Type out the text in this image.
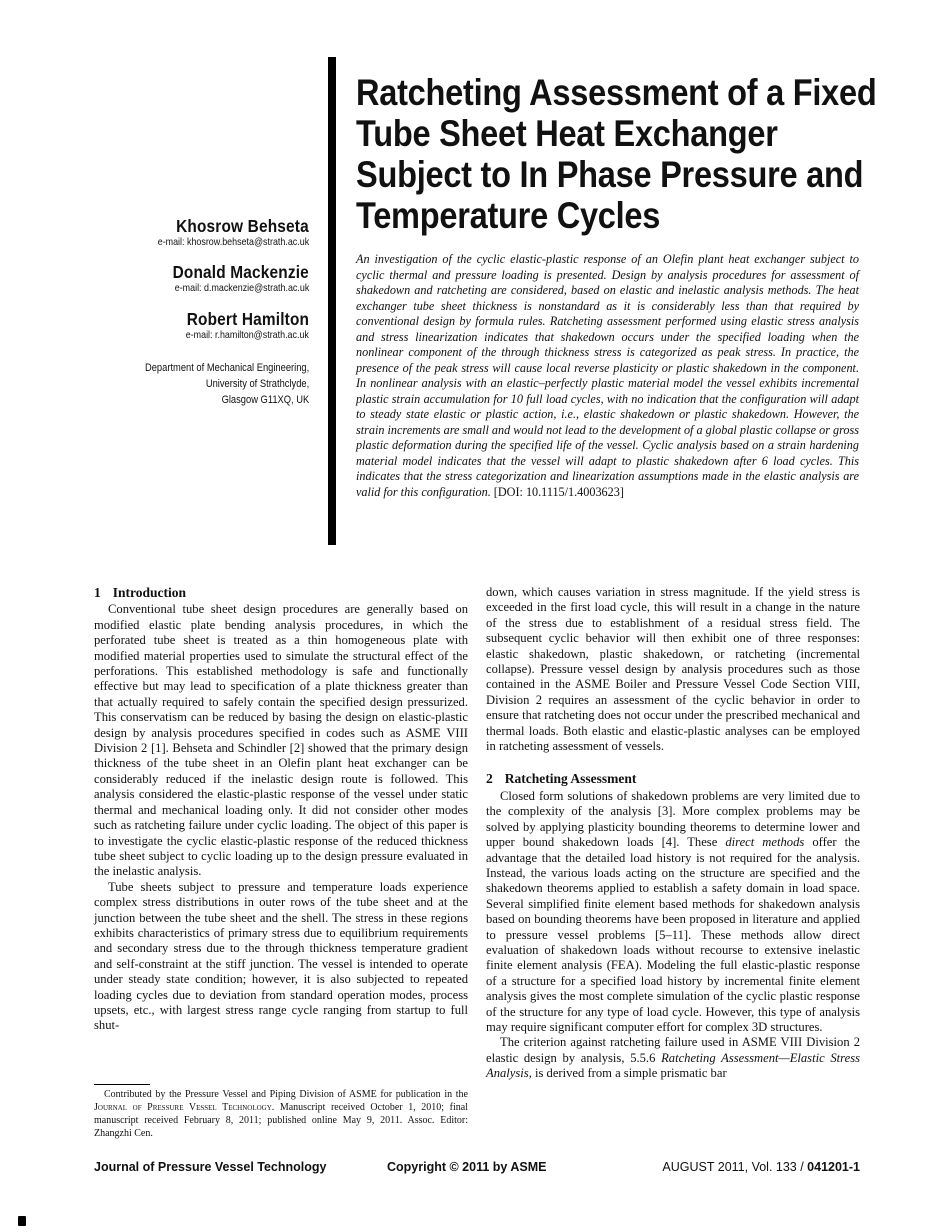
Khosrow Behseta
e-mail: khosrow.behseta@strath.ac.uk
Donald Mackenzie
e-mail: d.mackenzie@strath.ac.uk
Robert Hamilton
e-mail: r.hamilton@strath.ac.uk
Department of Mechanical Engineering,
University of Strathclyde,
Glasgow G11XQ, UK
Ratcheting Assessment of a Fixed
Tube Sheet Heat Exchanger
Subject to In Phase Pressure and
Temperature Cycles
An investigation of the cyclic elastic-plastic response of an Olefin plant heat exchanger subject to cyclic thermal and pressure loading is presented. Design by analysis procedures for assessment of shakedown and ratcheting are considered, based on elastic and inelastic analysis methods. The heat exchanger tube sheet thickness is nonstandard as it is considerably less than that required by conventional design by formula rules. Ratcheting assessment performed using elastic stress analysis and stress linearization indicates that shakedown occurs under the specified loading when the nonlinear component of the through thickness stress is categorized as peak stress. In practice, the presence of the peak stress will cause local reverse plasticity or plastic shakedown in the component. In nonlinear analysis with an elastic–perfectly plastic material model the vessel exhibits incremental plastic strain accumulation for 10 full load cycles, with no indication that the configuration will adapt to steady state elastic or plastic action, i.e., elastic shakedown or plastic shakedown. However, the strain increments are small and would not lead to the development of a global plastic collapse or gross plastic deformation during the specified life of the vessel. Cyclic analysis based on a strain hardening material model indicates that the vessel will adapt to plastic shakedown after 6 load cycles. This indicates that the stress categorization and linearization assumptions made in the elastic analysis are valid for this configuration. [DOI: 10.1115/1.4003623]
1 Introduction

Conventional tube sheet design procedures are generally based on modified elastic plate bending analysis procedures, in which the perforated tube sheet is treated as a thin homogeneous plate with modified material properties used to simulate the structural effect of the perforations. This established methodology is safe and functionally effective but may lead to specification of a plate thickness greater than that actually required to safely contain the specified design pressurized. This conservatism can be reduced by basing the design on elastic-plastic design by analysis procedures specified in codes such as ASME VIII Division 2 [1]. Behseta and Schindler [2] showed that the primary design thickness of the tube sheet in an Olefin plant heat exchanger can be considerably reduced if the inelastic design route is followed. This analysis considered the elastic-plastic response of the vessel under static thermal and mechanical loading only. It did not consider other modes such as ratcheting failure under cyclic loading. The object of this paper is to investigate the cyclic elastic-plastic response of the reduced thickness tube sheet subject to cyclic loading up to the design pressure evaluated in the inelastic analysis.

Tube sheets subject to pressure and temperature loads experience complex stress distributions in outer rows of the tube sheet and at the junction between the tube sheet and the shell. The stress in these regions exhibits characteristics of primary stress due to equilibrium requirements and secondary stress due to the through thickness temperature gradient and self-constraint at the stiff junction. The vessel is intended to operate under steady state condition; however, it is also subjected to repeated loading cycles due to deviation from standard operation modes, process upsets, etc., with largest stress range cycle ranging from startup to full shut-

down, which causes variation in stress magnitude. If the yield stress is exceeded in the first load cycle, this will result in a change in the nature of the stress due to establishment of a residual stress field. The subsequent cyclic behavior will then exhibit one of three responses: elastic shakedown, plastic shakedown, or ratcheting (incremental collapse). Pressure vessel design by analysis procedures such as those contained in the ASME Boiler and Pressure Vessel Code Section VIII, Division 2 requires an assessment of the cyclic behavior in order to ensure that ratcheting does not occur under the prescribed mechanical and thermal loads. Both elastic and elastic-plastic analyses can be employed in ratcheting assessment of vessels.

2 Ratcheting Assessment

Closed form solutions of shakedown problems are very limited due to the complexity of the analysis [3]. More complex problems may be solved by applying plasticity bounding theorems to determine lower and upper bound shakedown loads [4]. These direct methods offer the advantage that the detailed load history is not required for the analysis. Instead, the various loads acting on the structure are specified and the shakedown theorems applied to establish a safety domain in load space. Several simplified finite element based methods for shakedown analysis based on bounding theorems have been proposed in literature and applied to pressure vessel problems [5–11]. These methods allow direct evaluation of shakedown loads without recourse to extensive inelastic finite element analysis (FEA). Modeling the full elastic-plastic response of a structure for a specified load history by incremental finite element analysis gives the most complete simulation of the cyclic plastic response of the structure for any type of load cycle. However, this type of analysis may require significant computer effort for complex 3D structures.

The criterion against ratcheting failure used in ASME VIII Division 2 elastic design by analysis, 5.5.6 Ratcheting Assessment—Elastic Stress Analysis, is derived from a simple prismatic bar

Contributed by the Pressure Vessel and Piping Division of ASME for publication in the Journal of Pressure Vessel Technology. Manuscript received October 1, 2010; final manuscript received February 8, 2011; published online May 9, 2011. Assoc. Editor: Zhangzhi Cen.
Journal of Pressure Vessel Technology	Copyright © 2011 by ASME	AUGUST 2011, Vol. 133 / 041201-1
